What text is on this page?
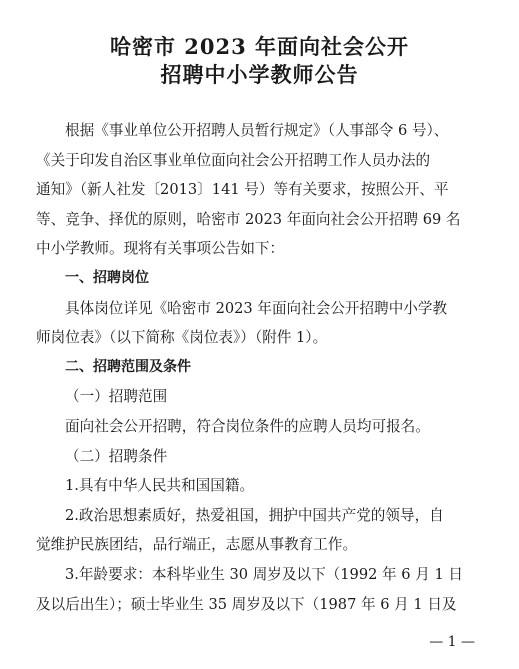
哈密市 2023 年面向社会公开
招聘中小学教师公告
根据《事业单位公开招聘人员暂行规定》（人事部令 6 号）、
《关于印发自治区事业单位面向社会公开招聘工作人员办法的
通知》（新人社发〔2013〕141 号）等有关要求，按照公开、平
等、竞争、择优的原则，哈密市 2023 年面向社会公开招聘 69 名
中小学教师。现将有关事项公告如下：
一、招聘岗位
具体岗位详见《哈密市 2023 年面向社会公开招聘中小学教
师岗位表》（以下简称《岗位表》）（附件 1）。
二、招聘范围及条件
（一）招聘范围
面向社会公开招聘，符合岗位条件的应聘人员均可报名。
（二）招聘条件
1.具有中华人民共和国国籍。
2.政治思想素质好，热爱祖国，拥护中国共产党的领导，自
觉维护民族团结，品行端正，志愿从事教育工作。
3.年龄要求：本科毕业生 30 周岁及以下（1992 年 6 月 1 日
及以后出生）；硕士毕业生 35 周岁及以下（1987 年 6 月 1 日及
— 1 —
